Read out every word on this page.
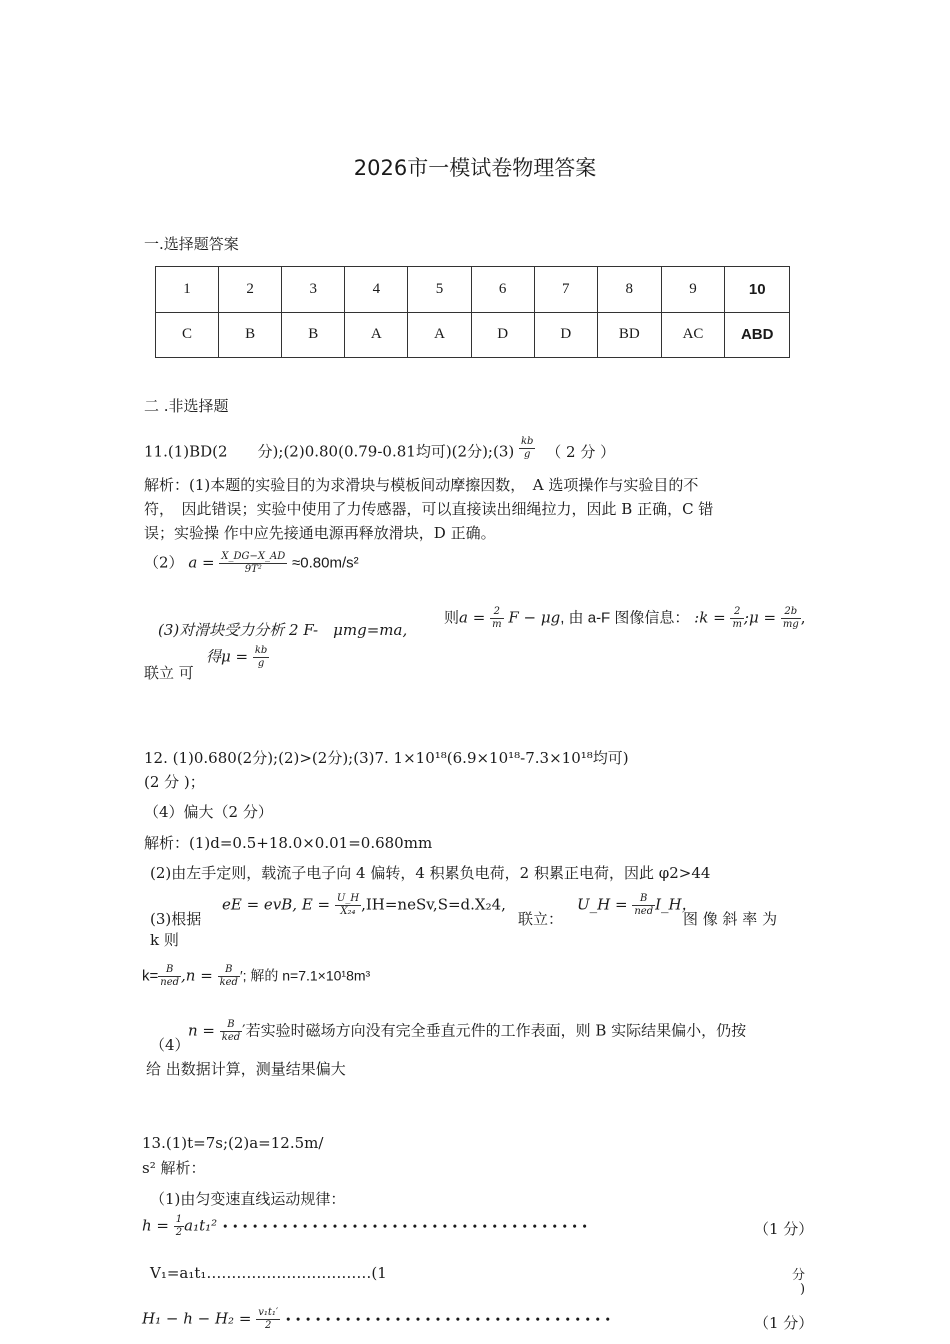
2026市一模试卷物理答案
一.选择题答案
1	2	3	4	5	6	7	8	9	10
C	B	B	A	A	D	D	BD	AC	ABD
二 .非选择题
11.(1)BD(2　　分);(2)0.80(0.79-0.81均可)(2分);(3) $\frac{kb}{g}$ （ 2 分 ）
解析：(1)本题的实验目的为求滑块与模板间动摩擦因数，　A 选项操作与实验目的不
符，　因此错误；实验中使用了力传感器，可以直接读出细绳拉力，因此 B 正确，C 错
误；实验操 作中应先接通电源再释放滑块，D 正确。
（2） $a = \frac{X\_DG-X\_AD}{\text{9T²}} \approx 0.80m/s^2$
(3)对滑块受力分析 2 F-　μmg=ma,
则$a = \frac{2}{m}$ F − μg, 由 a-F 图像信息： :k = $\frac{2}{m}$ ;μ = $\frac{2b}{mg}$ ,
联立 可
得$\mu = \frac{kb}{g}$
12. (1)0.680(2分);(2)>(2分);(3)7. 1×10¹⁸(6.9×10¹⁸-7.3×10¹⁸均可)
(2 分 )；
（4）偏大（2 分）
解析：(1)d=0.5+18.0×0.01=0.680mm
(2)由左手定则，载流子电子向 4 偏转，4 积累负电荷，2 积累正电荷，因此 φ2>44
(3)根据
eE = evB, $E = \frac{U\_H}{\text{X₂₄}}$ ,IH=neSv,S=d.X₂4,
联立：
U_H = $\frac{B}{\text{ned}}$ I_H，
图 像 斜 率 为
k 则
$k= \frac{B}{\text{ned}} ,n = \frac{B}{\text{ked}}$ ′; 解的 n=7.1×10¹8m³
（4）
$n = \frac{B}{\text{ked}}$ ′若实验时磁场方向没有完全垂直元件的工作表面，则 B 实际结果偏小，仍按
给 出数据计算，测量结果偏大
13.(1)t=7s;(2)a=12.5m/
s² 解析：
（1)由匀变速直线运动规律：
$h = \frac{1}{2} a_1t_1^2$ • • • • • • • • • • • • • • • • • • • • • • • • • • • • • • • • • • • • •	（1 分）
V₁=a₁t₁……………………………(1	分
)
$H_1 - h - H_2 = \frac{\text{v₁t₁′}}{2}$ • • • • • • • • • • • • • • • • • • • • • • • • • • • • • • • • •	（1 分）
